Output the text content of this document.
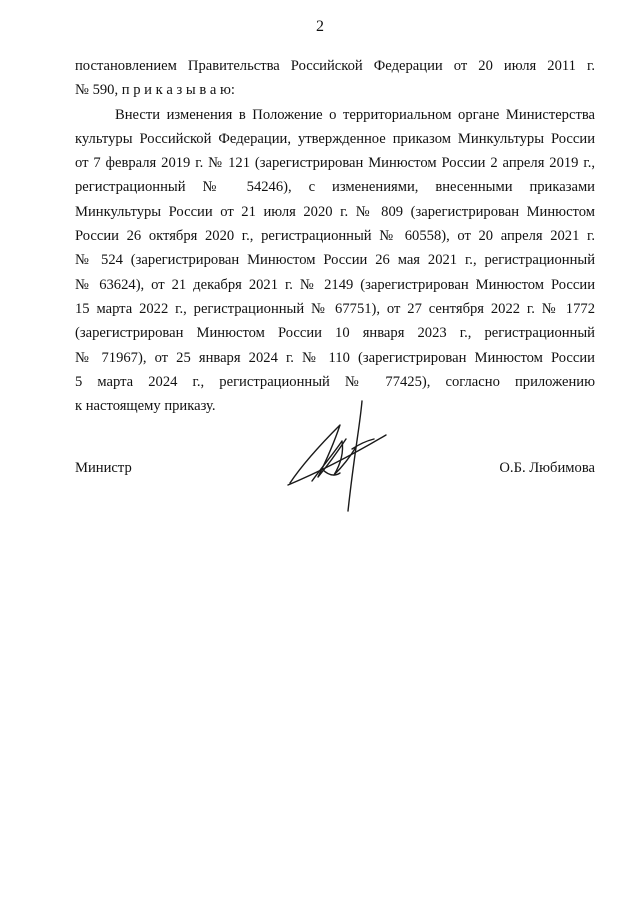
2
постановлением Правительства Российской Федерации от 20 июля 2011 г.
№ 590, п р и к а з ы в а ю:
Внести изменения в Положение о территориальном органе Министерства
культуры Российской Федерации, утвержденное приказом Минкультуры России
от 7 февраля 2019 г. № 121 (зарегистрирован Минюстом России 2 апреля 2019 г.,
регистрационный № 54246), с изменениями, внесенными приказами
Минкультуры России от 21 июля 2020 г. № 809 (зарегистрирован Минюстом
России 26 октября 2020 г., регистрационный № 60558), от 20 апреля 2021 г.
№ 524 (зарегистрирован Минюстом России 26 мая 2021 г., регистрационный
№ 63624), от 21 декабря 2021 г. № 2149 (зарегистрирован Минюстом России
15 марта 2022 г., регистрационный № 67751), от 27 сентября 2022 г. № 1772
(зарегистрирован Минюстом России 10 января 2023 г., регистрационный
№ 71967), от 25 января 2024 г. № 110 (зарегистрирован Минюстом России
5 марта 2024 г., регистрационный № 77425), согласно приложению
к настоящему приказу.
Министр	О.Б. Любимова
